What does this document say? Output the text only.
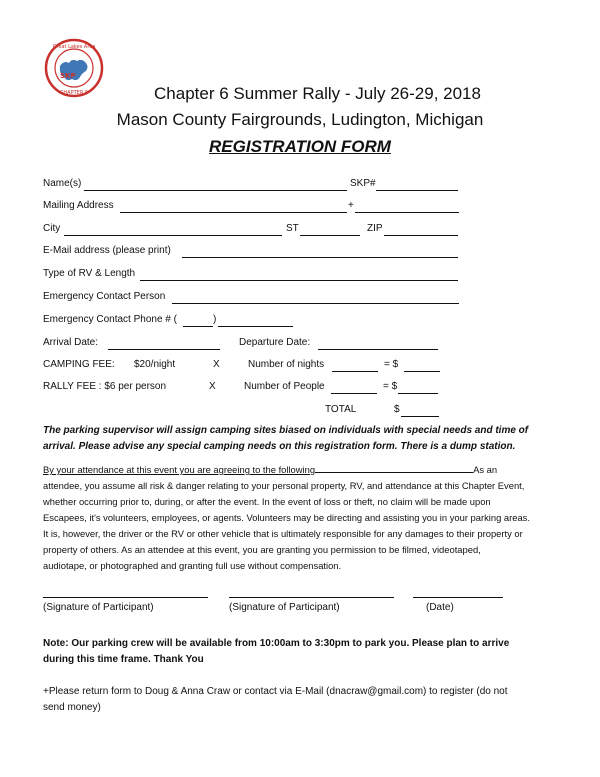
Great Lakes Area
CHAPTER 6
SKP
Chapter 6 Summer Rally - July 26-29, 2018
Mason County Fairgrounds, Ludington, Michigan
REGISTRATION FORM
Name(s)	SKP#
Mailing Address	+
City	ST	ZIP
E-Mail address (please print)
Type of RV & Length
Emergency Contact Person
Emergency Contact Phone # (	)
Arrival Date:	Departure Date:
CAMPING FEE: $20/night	X	Number of nights	= $
RALLY FEE : $6 per person	X	Number of People	= $
TOTAL	$
The parking supervisor will assign camping sites biased on individuals with special needs and time of arrival. Please advise any special camping needs on this registration form. There is a dump station.
By your attendance at this event you are agreeing to the following	As an
attendee, you assume all risk & danger relating to your personal property, RV, and attendance at this Chapter Event,
whether occurring prior to, during, or after the event. In the event of loss or theft, no claim will be made upon
Escapees, it's volunteers, employees, or agents. Volunteers may be directing and assisting you in your parking areas.
It is, however, the driver or the RV or other vehicle that is ultimately responsible for any damages to their property or
property of others. As an attendee at this event, you are granting you permission to be filmed, videotaped,
audiotape, or photographed and granting full use without compensation.
(Signature of Participant)	(Signature of Participant)	(Date)
Note: Our parking crew will be available from 10:00am to 3:30pm to park you. Please plan to arrive
during this time frame. Thank You
+Please return form to Doug & Anna Craw or contact via E-Mail (dnacraw@gmail.com) to register (do not
send money)
